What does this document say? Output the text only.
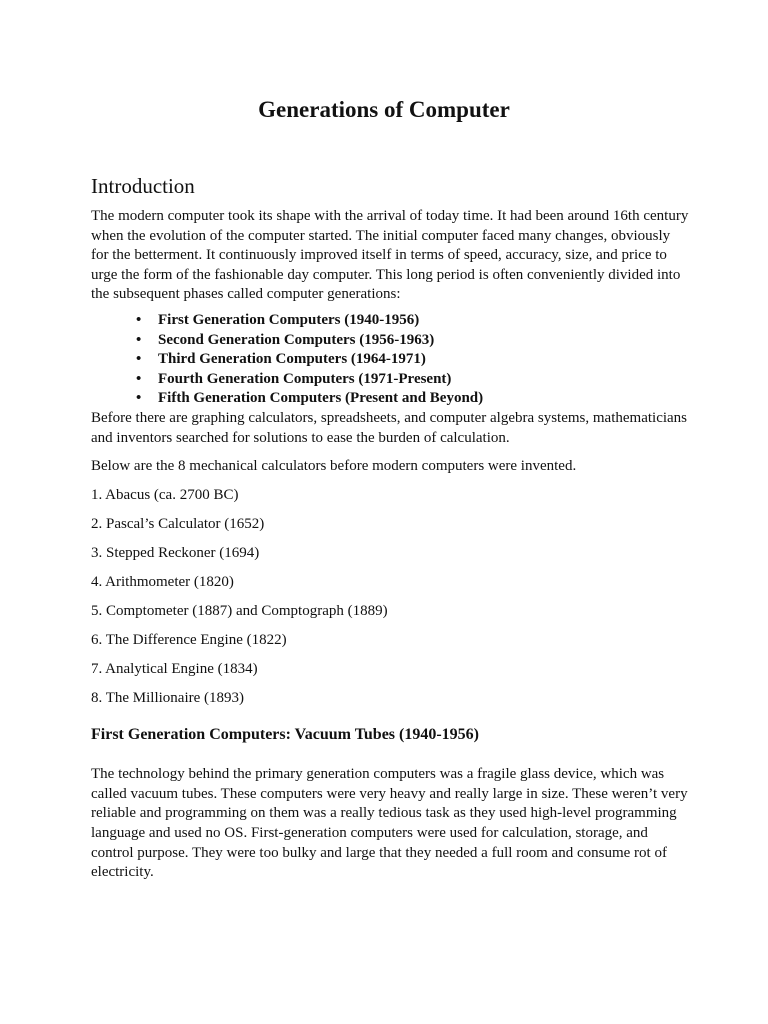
Generations of Computer
Introduction

The modern computer took its shape with the arrival of today time. It had been around 16th century when the evolution of the computer started. The initial computer faced many changes, obviously for the betterment. It continuously improved itself in terms of speed, accuracy, size, and price to urge the form of the fashionable day computer. This long period is often conveniently divided into the subsequent phases called computer generations:

• First Generation Computers (1940-1956)
• Second Generation Computers (1956-1963)
• Third Generation Computers (1964-1971)
• Fourth Generation Computers (1971-Present)
• Fifth Generation Computers (Present and Beyond)

Before there are graphing calculators, spreadsheets, and computer algebra systems, mathematicians and inventors searched for solutions to ease the burden of calculation.

Below are the 8 mechanical calculators before modern computers were invented.

1. Abacus (ca. 2700 BC)
2. Pascal’s Calculator (1652)
3. Stepped Reckoner (1694)
4. Arithmometer (1820)
5. Comptometer (1887) and Comptograph (1889)
6. The Difference Engine (1822)
7. Analytical Engine (1834)
8. The Millionaire (1893)
First Generation Computers: Vacuum Tubes (1940-1956)

The technology behind the primary generation computers was a fragile glass device, which was called vacuum tubes. These computers were very heavy and really large in size. These weren’t very reliable and programming on them was a really tedious task as they used high-level programming language and used no OS. First-generation computers were used for calculation, storage, and control purpose. They were too bulky and large that they needed a full room and consume rot of electricity.
